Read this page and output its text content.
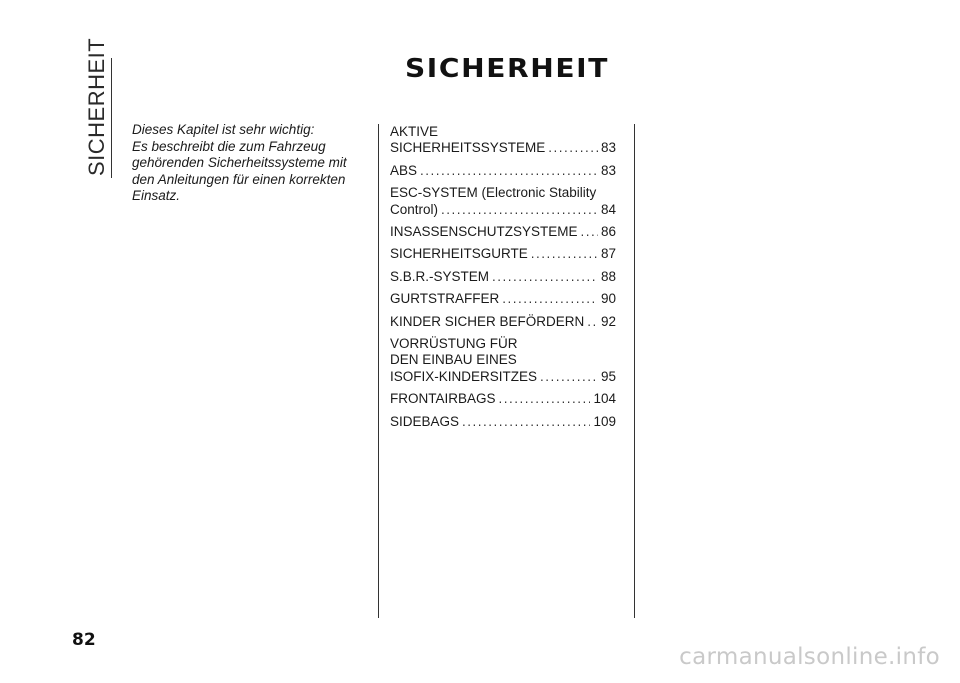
SICHERHEIT	SICHERHEIT
Dieses Kapitel ist sehr wichtig:
Es beschreibt die zum Fahrzeug
gehörenden Sicherheitssysteme mit
den Anleitungen für einen korrekten
Einsatz.
AKTIVE
SICHERHEITSSYSTEME .....	83
ABS .....	83
ESC-SYSTEM (Electronic Stability
Control) .....	84
INSASSENSCHUTZSYSTEME ..... 86
SICHERHEITSGURTE .....	87
S.B.R.-SYSTEM .....	88
GURTSTRAFFER .....	90
KINDER SICHER BEFÖRDERN ..... 92
VORRÜSTUNG FÜR
DEN EINBAU EINES
ISOFIX-KINDERSITZES .....	95
FRONTAIRBAGS .....	104
SIDEBAGS .....	109
82
carmanualsonline.info
